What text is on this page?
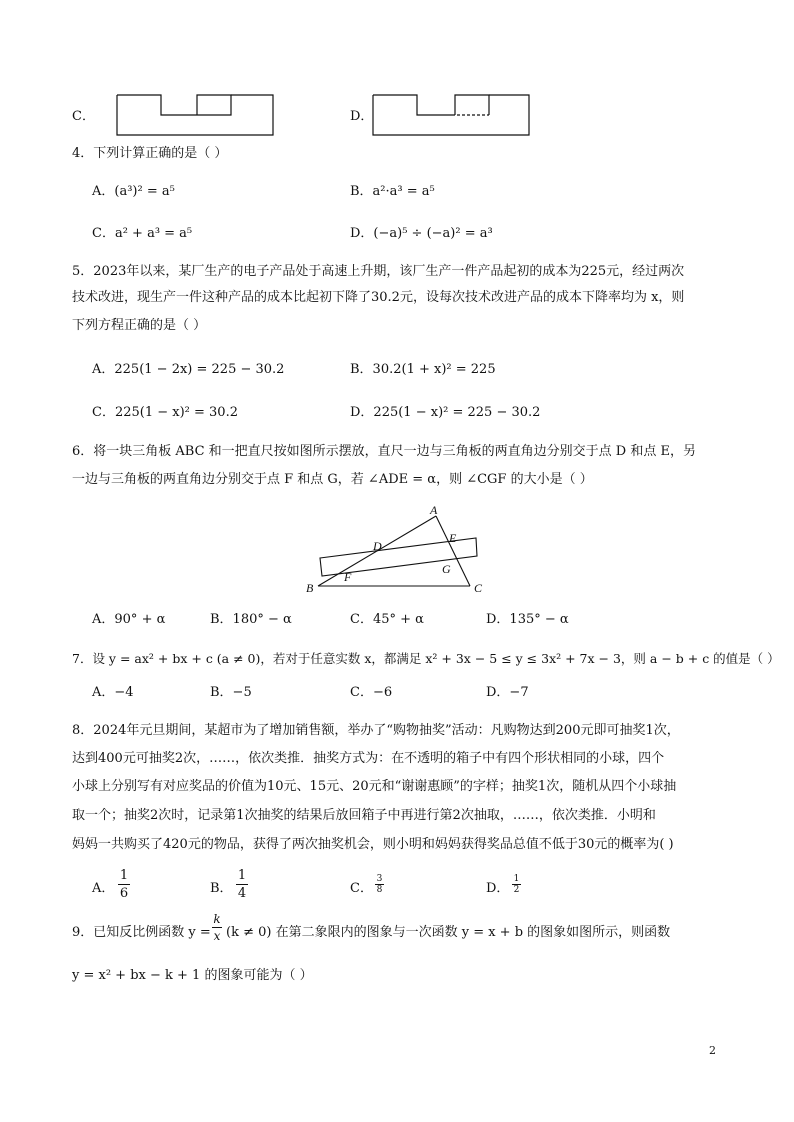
C．	D．
4．下列计算正确的是（ ）
A．(a³)² = a⁵	B．a²·a³ = a⁵
C．a² + a³ = a⁵	D．(−a)⁵ ÷ (−a)² = a³
5．2023年以来，某厂生产的电子产品处于高速上升期，该厂生产一件产品起初的成本为225元，经过两次
技术改进，现生产一件这种产品的成本比起初下降了30.2元，设每次技术改进产品的成本下降率均为 x，则
下列方程正确的是（ ）
A．225(1 − 2x) = 225 − 30.2	B．30.2(1 + x)² = 225
C．225(1 − x)² = 30.2	D．225(1 − x)² = 225 − 30.2
6．将一块三角板 ABC 和一把直尺按如图所示摆放，直尺一边与三角板的两直角边分别交于点 D 和点 E，另
一边与三角板的两直角边分别交于点 F 和点 G，若 ∠ADE = α，则 ∠CGF 的大小是（ ）
A
B	C
D
E
F
G
A．90° + α	B．180° − α	C．45° + α	D．135° − α
7．设 y = ax² + bx + c (a ≠ 0)，若对于任意实数 x，都满足 x² + 3x − 5 ≤ y ≤ 3x² + 7x − 3，则 a − b + c 的值是（ ）
A．−4	B．−5	C．−6	D．−7
8．2024年元旦期间，某超市为了增加销售额，举办了“购物抽奖”活动：凡购物达到200元即可抽奖1次，
达到400元可抽奖2次，……，依次类推．抽奖方式为：在不透明的箱子中有四个形状相同的小球，四个
小球上分别写有对应奖品的价值为10元、15元、20元和“谢谢惠顾”的字样；抽奖1次，随机从四个小球抽
取一个；抽奖2次时，记录第1次抽奖的结果后放回箱子中再进行第2次抽取，……，依次类推．小明和
妈妈一共购买了420元的物品，获得了两次抽奖机会，则小明和妈妈获得奖品总值不低于30元的概率为( )
A． $\frac{1}{6}$	B． $\frac{1}{4}$	C． $\frac{3}{8}$	D． $\frac{1}{2}$
9．已知反比例函数 $y = \frac{k}{x} (k \ne 0)$ 在第二象限内的图象与一次函数 y = x + b 的图象如图所示，则函数
y = x² + bx − k + 1 的图象可能为（ ）
2
